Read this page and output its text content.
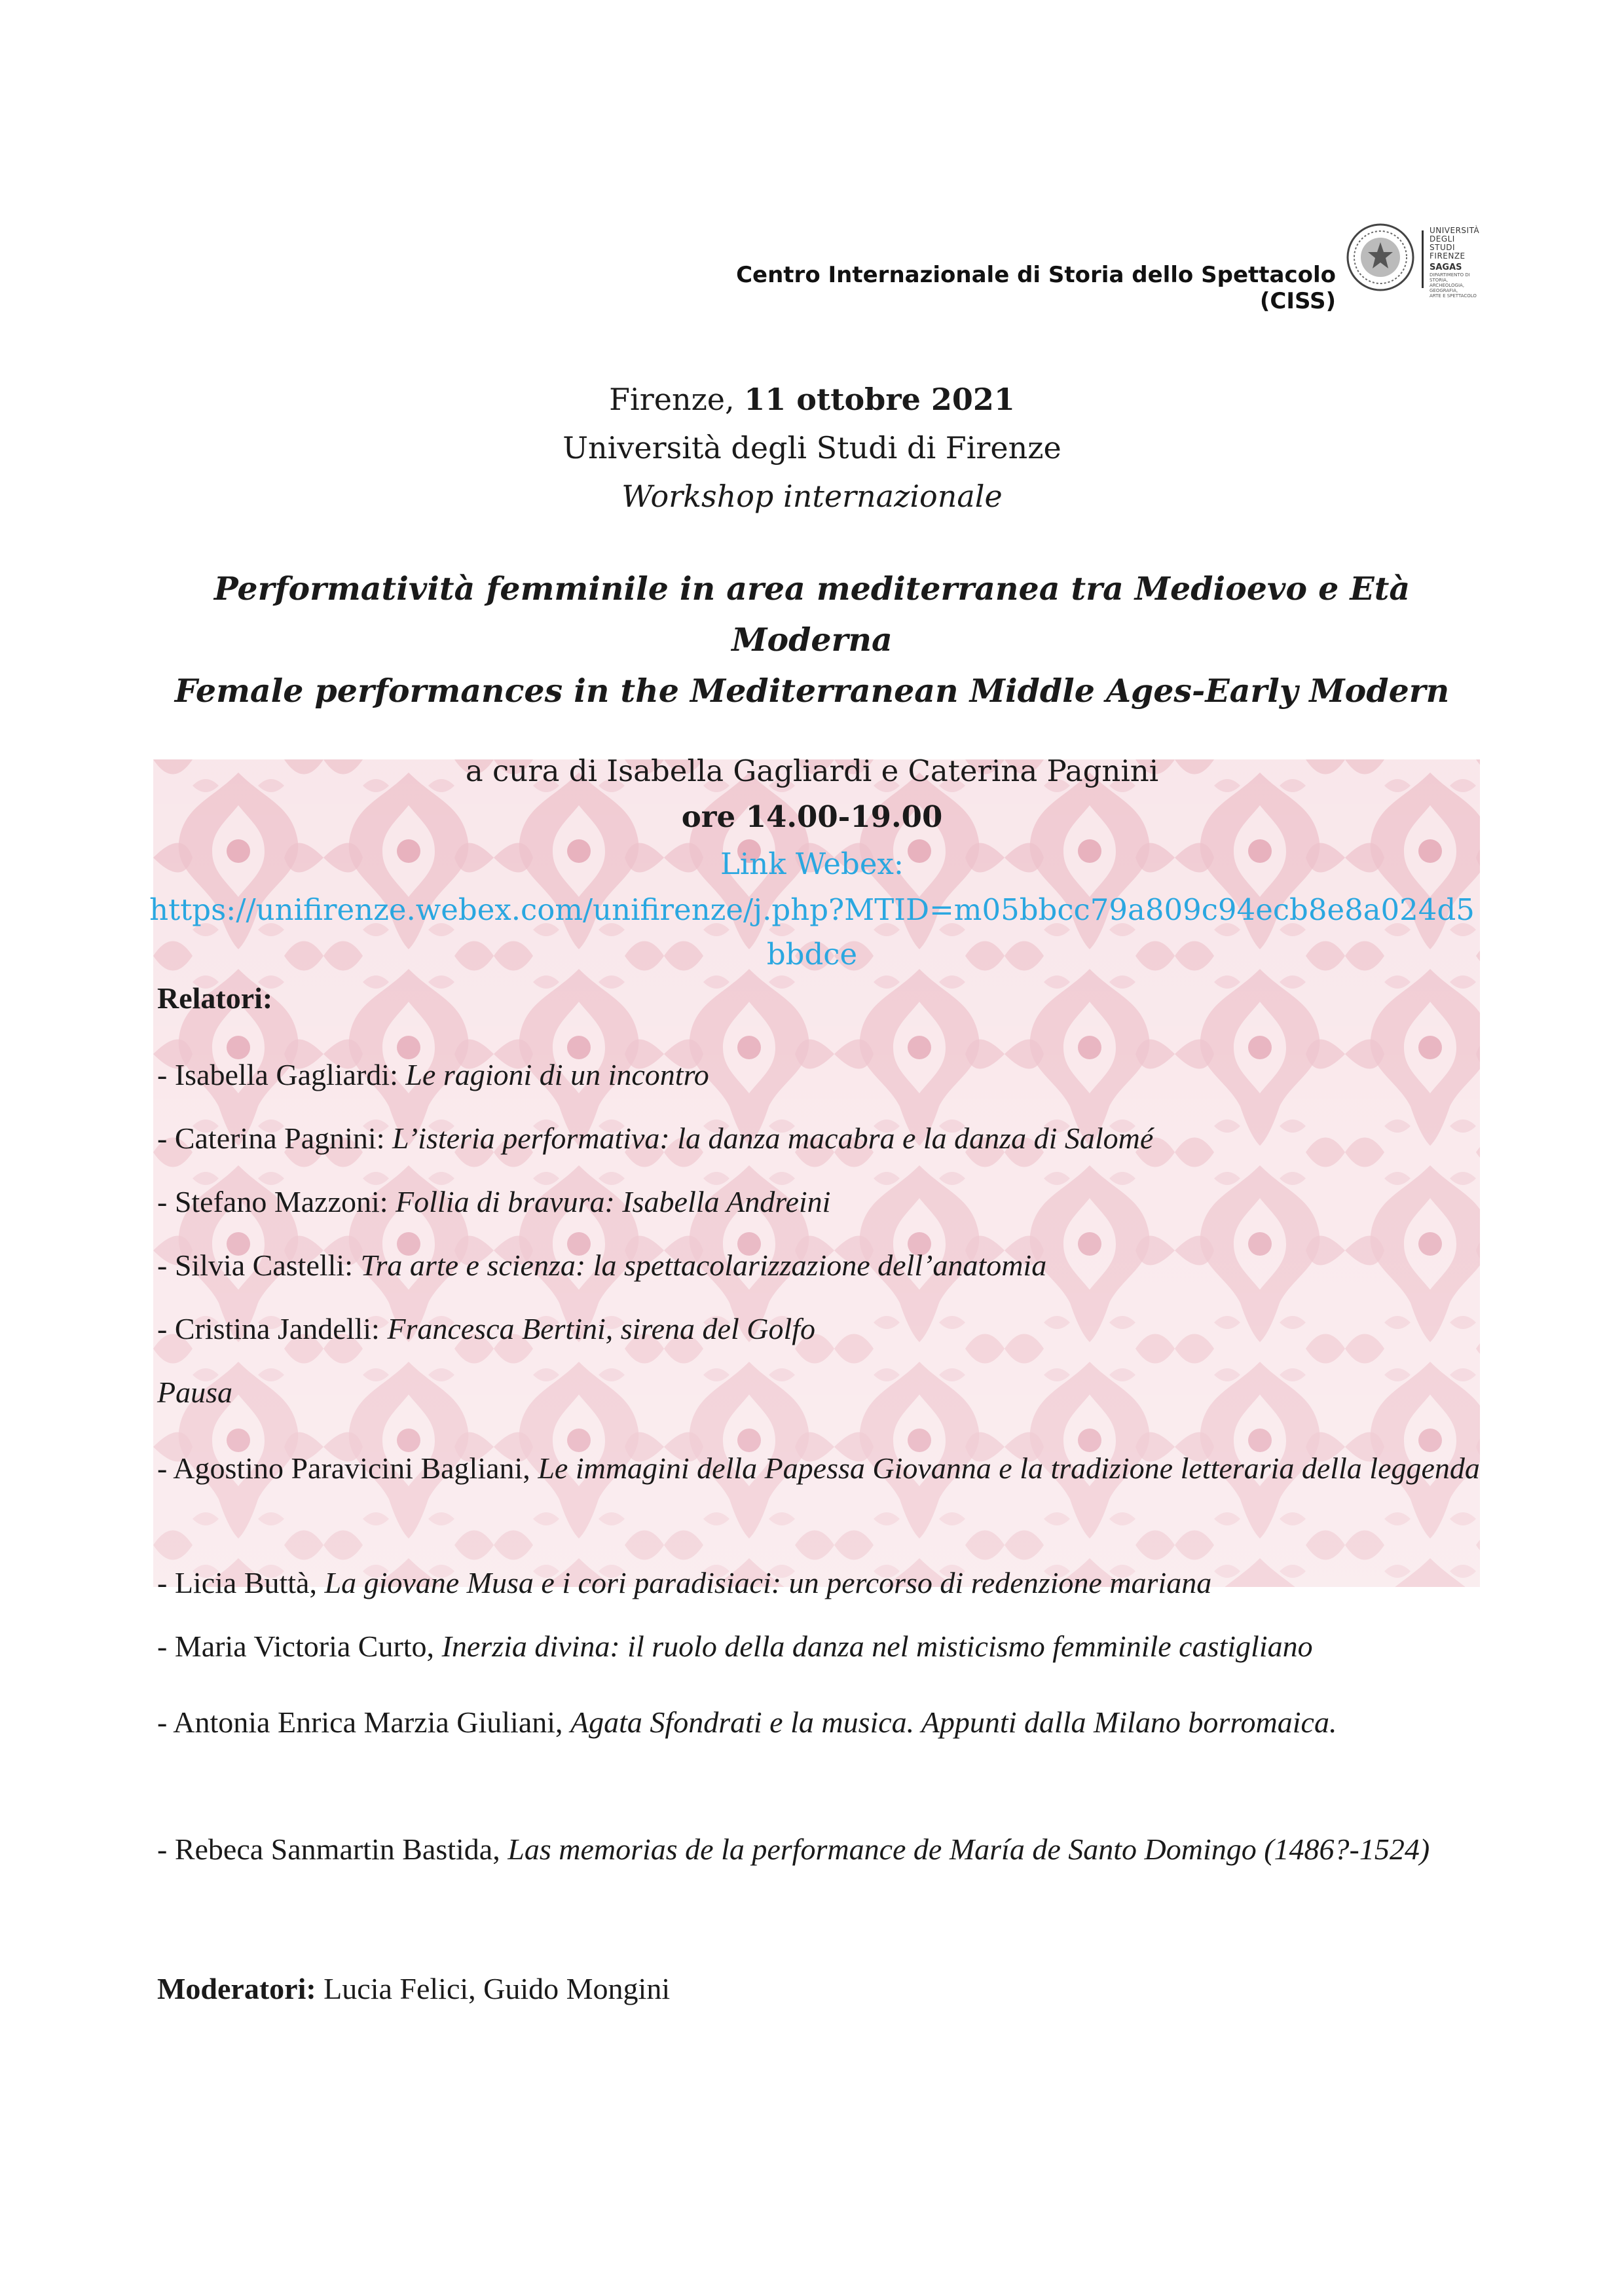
Centro Internazionale di Storia dello Spettacolo (CISS)
UNIVERSITÀ
DEGLI STUDI
FIRENZE
SAGAS
DIPARTIMENTO DI STORIA,
ARCHEOLOGIA, GEOGRAFIA,
ARTE E SPETTACOLO
Firenze, 11 ottobre 2021
Università degli Studi di Firenze
Workshop internazionale
Performatività femminile in area mediterranea tra Medioevo e Età Moderna
Female performances in the Mediterranean Middle Ages-Early Modern
a cura di Isabella Gagliardi e Caterina Pagnini
ore 14.00-19.00
Link Webex:
https://unifirenze.webex.com/unifirenze/j.php?MTID=m05bbcc79a809c94ecb8e8a024d5bbdce
Relatori:
- Isabella Gagliardi: Le ragioni di un incontro
- Caterina Pagnini: L’isteria performativa: la danza macabra e la danza di Salomé
- Stefano Mazzoni: Follia di bravura: Isabella Andreini
- Silvia Castelli: Tra arte e scienza: la spettacolarizzazione dell’anatomia
- Cristina Jandelli: Francesca Bertini, sirena del Golfo
Pausa
- Agostino Paravicini Bagliani, Le immagini della Papessa Giovanna e la tradizione letteraria della leggenda
- Licia Buttà, La giovane Musa e i cori paradisiaci: un percorso di redenzione mariana
- Maria Victoria Curto, Inerzia divina: il ruolo della danza nel misticismo femminile castigliano
- Antonia Enrica Marzia Giuliani, Agata Sfondrati e la musica. Appunti dalla Milano borromaica.
- Rebeca Sanmartin Bastida, Las memorias de la performance de María de Santo Domingo (1486?-1524)
Moderatori: Lucia Felici, Guido Mongini
